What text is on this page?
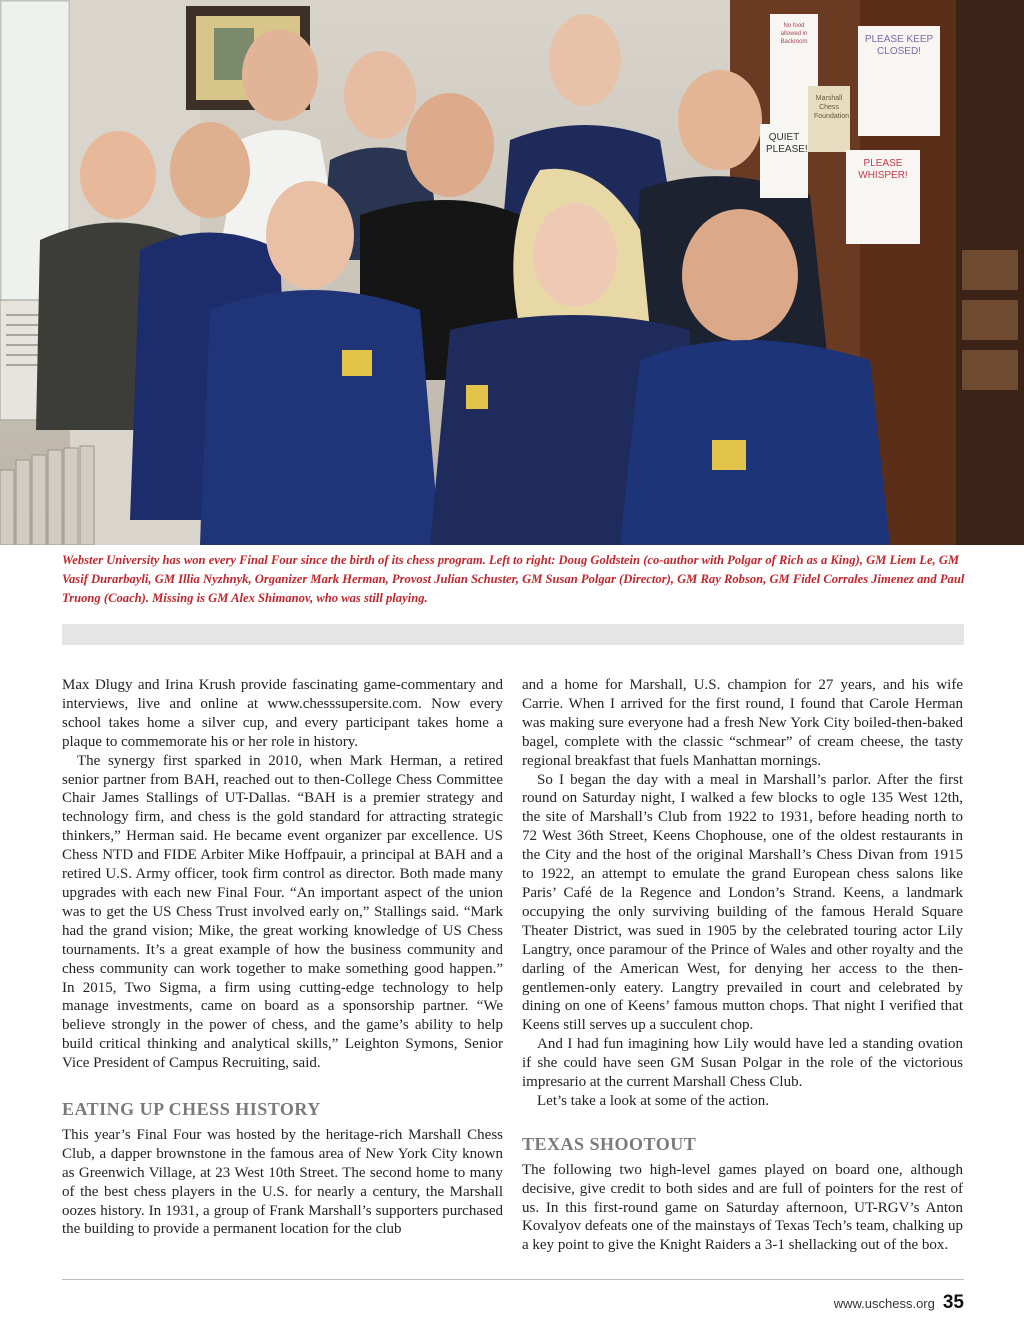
No food allowed in Backroom	PLEASE KEEP CLOSED!
Marshall Chess Foundation
QUIET PLEASE!
PLEASE WHISPER!

Webster University has won every Final Four since the birth of its chess program. Left to right: Doug Goldstein (co-author with Polgar of Rich as a King), GM Liem Le, GM Vasif Durarbayli, GM Illia Nyzhnyk, Organizer Mark Herman, Provost Julian Schuster, GM Susan Polgar (Director), GM Ray Robson, GM Fidel Corrales Jimenez and Paul Truong (Coach). Missing is GM Alex Shimanov, who was still playing.

Max Dlugy and Irina Krush provide fascinating game-commentary and interviews, live and online at www.chesssupersite.com. Now every school takes home a silver cup, and every participant takes home a plaque to commemorate his or her role in history.

The synergy first sparked in 2010, when Mark Herman, a retired senior partner from BAH, reached out to then-College Chess Committee Chair James Stallings of UT-Dallas. “BAH is a premier strategy and technology firm, and chess is the gold standard for attracting strategic thinkers,” Herman said. He became event organizer par excellence. US Chess NTD and FIDE Arbiter Mike Hoffpauir, a principal at BAH and a retired U.S. Army officer, took firm control as director. Both made many upgrades with each new Final Four. “An important aspect of the union was to get the US Chess Trust involved early on,” Stallings said. “Mark had the grand vision; Mike, the great working knowledge of US Chess tournaments. It’s a great example of how the business community and chess community can work together to make something good happen.” In 2015, Two Sigma, a firm using cutting-edge technology to help manage investments, came on board as a sponsorship partner. “We believe strongly in the power of chess, and the game’s ability to help build critical thinking and analytical skills,” Leighton Symons, Senior Vice President of Campus Recruiting, said.

EATING UP CHESS HISTORY

This year’s Final Four was hosted by the heritage-rich Marshall Chess Club, a dapper brownstone in the famous area of New York City known as Greenwich Village, at 23 West 10th Street. The second home to many of the best chess players in the U.S. for nearly a century, the Marshall oozes history. In 1931, a group of Frank Marshall’s supporters purchased the building to provide a permanent location for the club

and a home for Marshall, U.S. champion for 27 years, and his wife Carrie. When I arrived for the first round, I found that Carole Herman was making sure everyone had a fresh New York City boiled-then-baked bagel, complete with the classic “schmear” of cream cheese, the tasty regional breakfast that fuels Manhattan mornings.

So I began the day with a meal in Marshall’s parlor. After the first round on Saturday night, I walked a few blocks to ogle 135 West 12th, the site of Marshall’s Club from 1922 to 1931, before heading north to 72 West 36th Street, Keens Chophouse, one of the oldest restaurants in the City and the host of the original Marshall’s Chess Divan from 1915 to 1922, an attempt to emulate the grand European chess salons like Paris’ Café de la Regence and London’s Strand. Keens, a landmark occupying the only surviving building of the famous Herald Square Theater District, was sued in 1905 by the celebrated touring actor Lily Langtry, once paramour of the Prince of Wales and other royalty and the darling of the American West, for denying her access to the then-gentlemen-only eatery. Langtry prevailed in court and celebrated by dining on one of Keens’ famous mutton chops. That night I verified that Keens still serves up a succulent chop.

And I had fun imagining how Lily would have led a standing ovation if she could have seen GM Susan Polgar in the role of the victorious impresario at the current Marshall Chess Club.

Let’s take a look at some of the action.

TEXAS SHOOTOUT

The following two high-level games played on board one, although decisive, give credit to both sides and are full of pointers for the rest of us. In this first-round game on Saturday afternoon, UT-RGV’s Anton Kovalyov defeats one of the mainstays of Texas Tech’s team, chalking up a key point to give the Knight Raiders a 3-1 shellacking out of the box.

www.uschess.org 35
